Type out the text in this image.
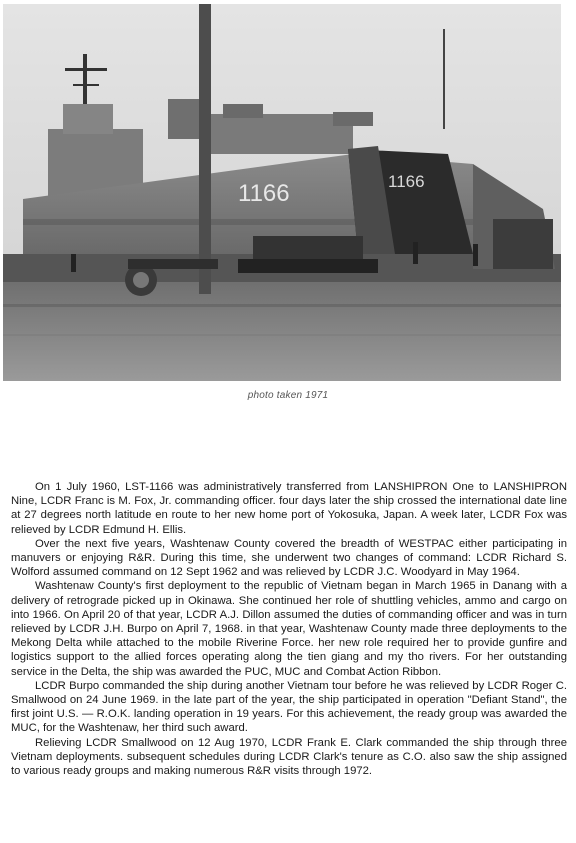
1166	1166
photo taken 1971

On 1 July 1960, LST-1166 was administratively transferred from LANSHIPRON One to LANSHIPRON Nine, LCDR Franc is M. Fox, Jr. commanding officer. four days later the ship crossed the international date line at 27 degrees north latitude en route to her new home port of Yokosuka, Japan. A week later, LCDR Fox was relieved by LCDR Edmund H. Ellis.

Over the next five years, Washtenaw County covered the breadth of WESTPAC either participating in manuvers or enjoying R&R. During this time, she underwent two changes of command: LCDR Richard S. Wolford assumed command on 12 Sept 1962 and was relieved by LCDR J.C. Woodyard in May 1964.

Washtenaw County's first deployment to the republic of Vietnam began in March 1965 in Danang with a delivery of retrograde picked up in Okinawa. She continued her role of shuttling vehicles, ammo and cargo on into 1966. On April 20 of that year, LCDR A.J. Dillon assumed the duties of commanding officer and was in turn relieved by LCDR J.H. Burpo on April 7, 1968. in that year, Washtenaw County made three deployments to the Mekong Delta while attached to the mobile Riverine Force. her new role required her to provide gunfire and logistics support to the allied forces operating along the tien giang and my tho rivers. For her outstanding service in the Delta, the ship was awarded the PUC, MUC and Combat Action Ribbon.

LCDR Burpo commanded the ship during another Vietnam tour before he was relieved by LCDR Roger C. Smallwood on 24 June 1969. in the late part of the year, the ship participated in operation "Defiant Stand", the first joint U.S. — R.O.K. landing operation in 19 years. For this achievement, the ready group was awarded the MUC, for the Washtenaw, her third such award.

Relieving LCDR Smallwood on 12 Aug 1970, LCDR Frank E. Clark commanded the ship through three Vietnam deployments. subsequent schedules during LCDR Clark's tenure as C.O. also saw the ship assigned to various ready groups and making numerous R&R visits through 1972.
